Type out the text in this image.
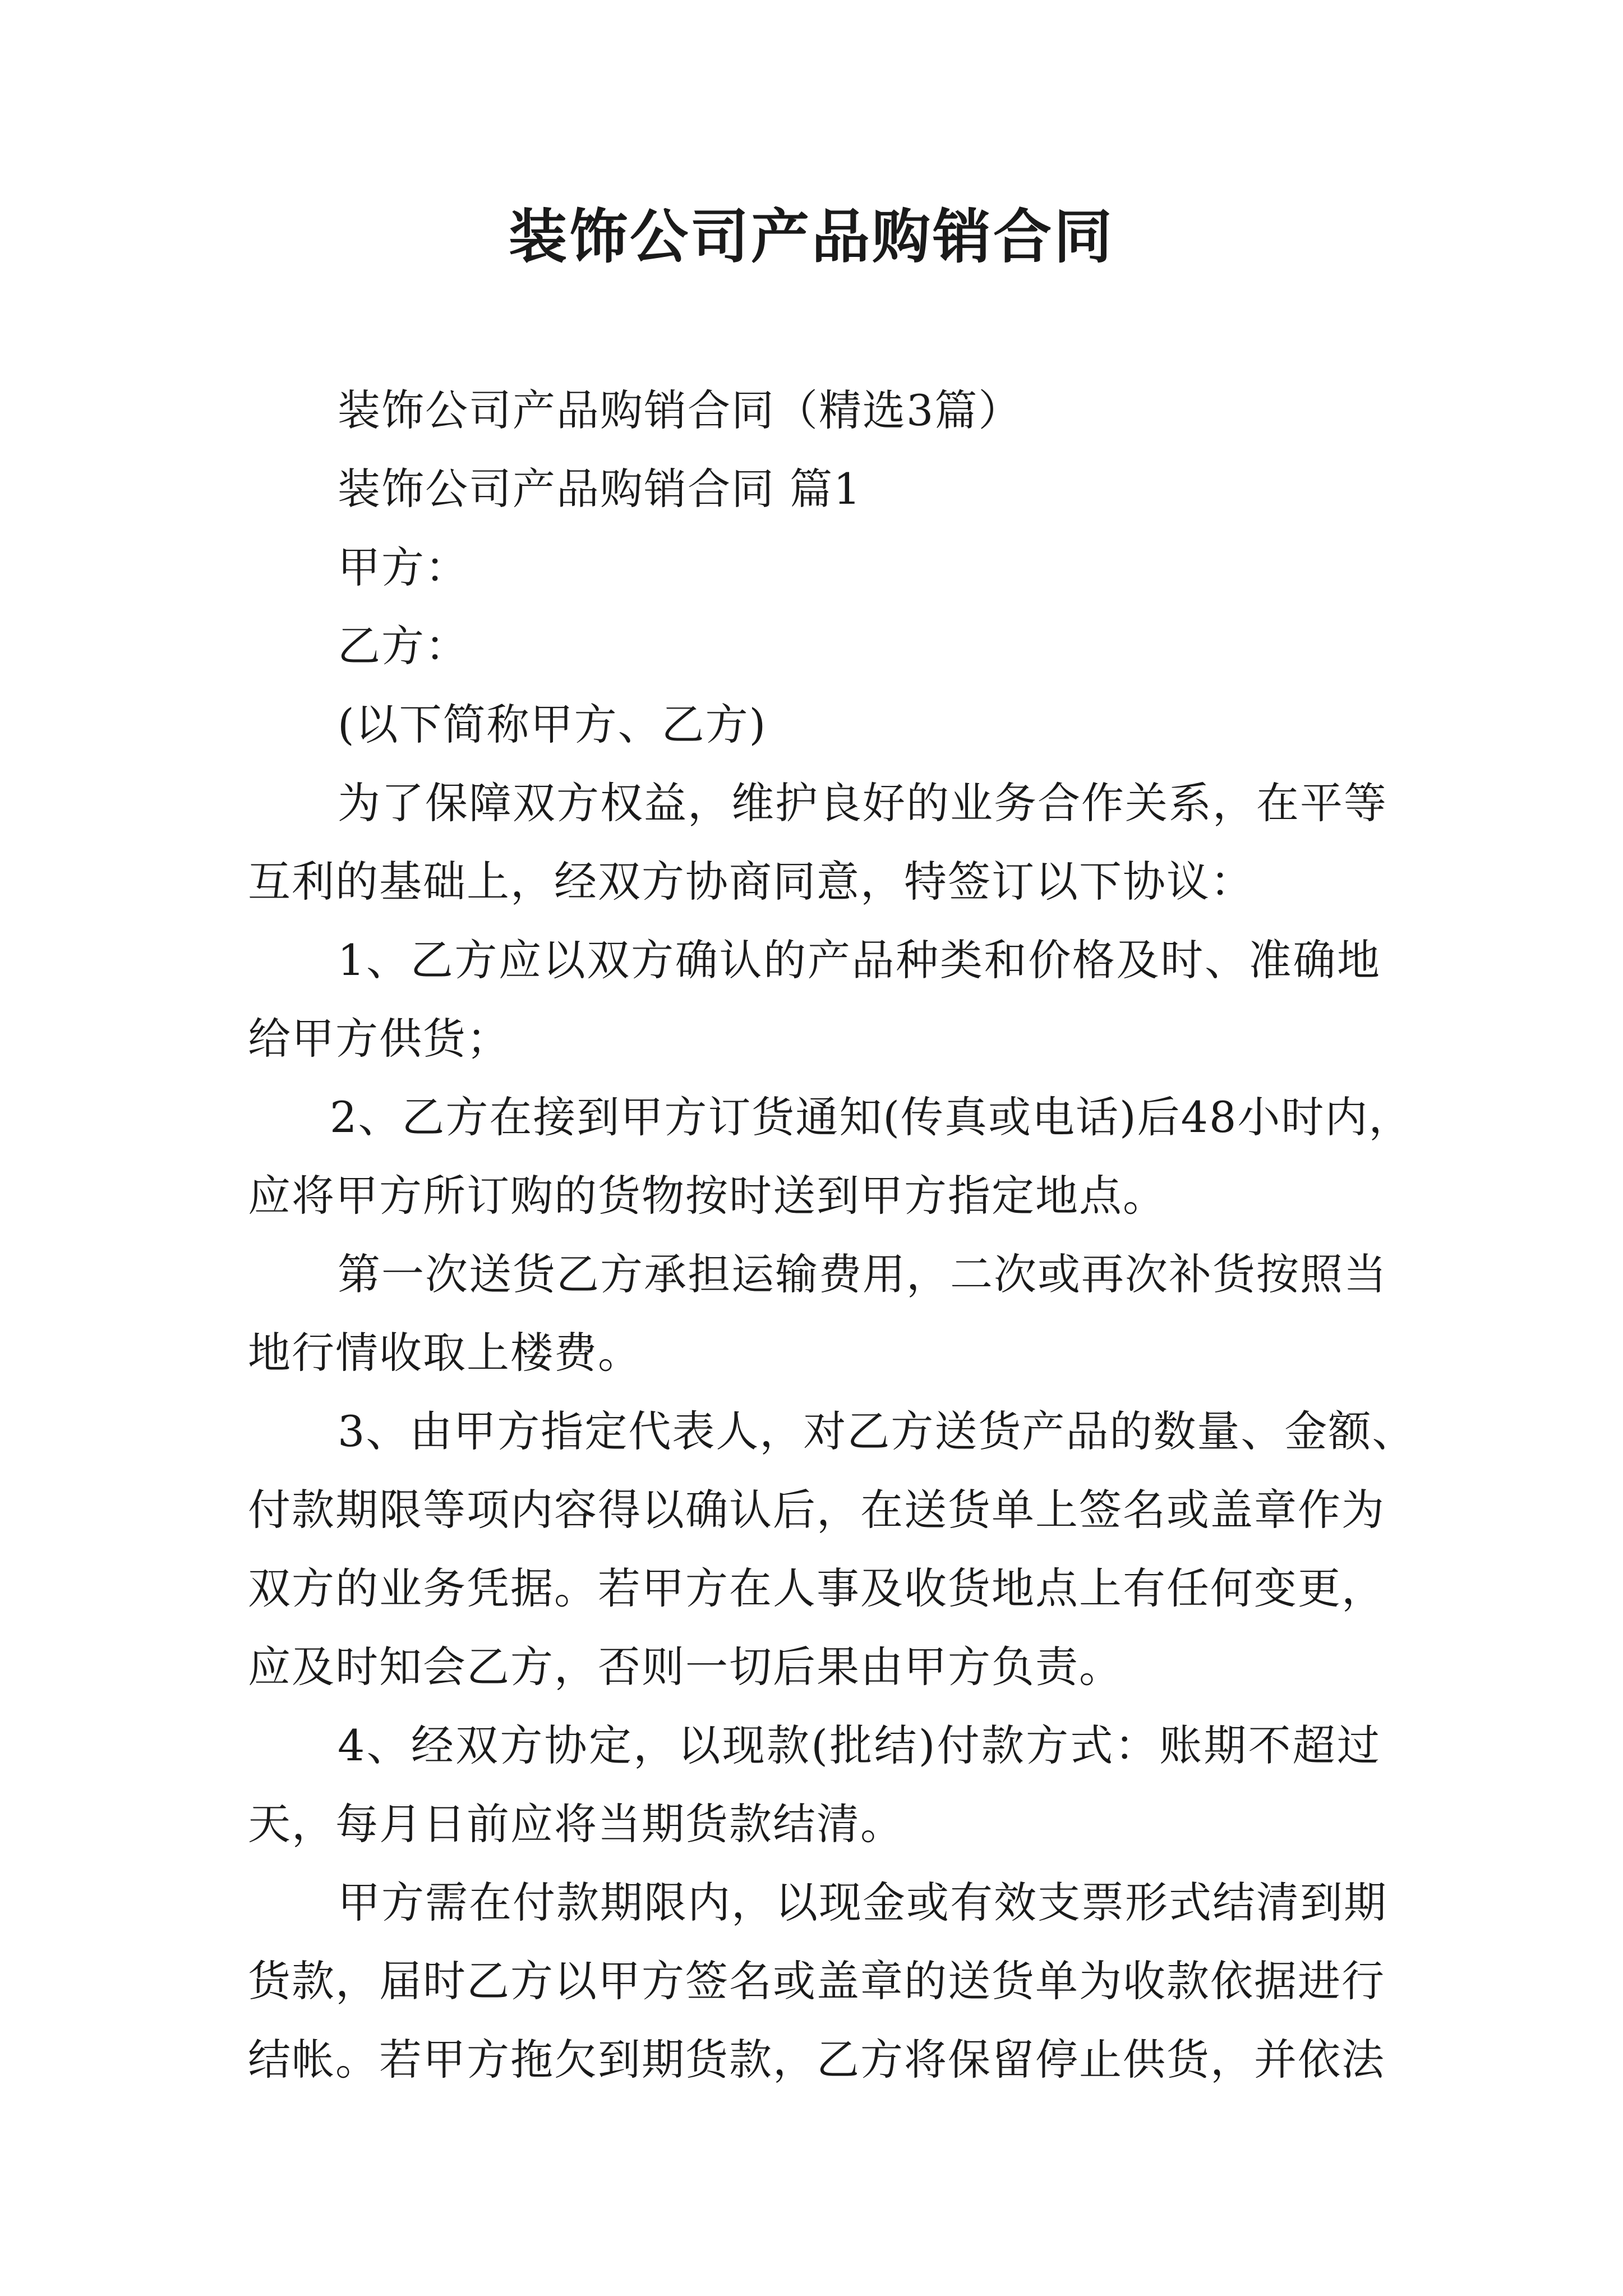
装饰公司产品购销合同
装饰公司产品购销合同（精选3篇）
装饰公司产品购销合同 篇1
甲方：
乙方：
(以下简称甲方、乙方)
为了保障双方权益，维护良好的业务合作关系，在平等
互利的基础上，经双方协商同意，特签订以下协议：
1、乙方应以双方确认的产品种类和价格及时、准确地
给甲方供货；
2、乙方在接到甲方订货通知(传真或电话)后48小时内，
应将甲方所订购的货物按时送到甲方指定地点。
第一次送货乙方承担运输费用，二次或再次补货按照当
地行情收取上楼费。
3、由甲方指定代表人，对乙方送货产品的数量、金额、
付款期限等项内容得以确认后，在送货单上签名或盖章作为
双方的业务凭据。若甲方在人事及收货地点上有任何变更，
应及时知会乙方，否则一切后果由甲方负责。
4、经双方协定，以现款(批结)付款方式：账期不超过
天，每月日前应将当期货款结清。
甲方需在付款期限内，以现金或有效支票形式结清到期
货款，届时乙方以甲方签名或盖章的送货单为收款依据进行
结帐。若甲方拖欠到期货款，乙方将保留停止供货，并依法
